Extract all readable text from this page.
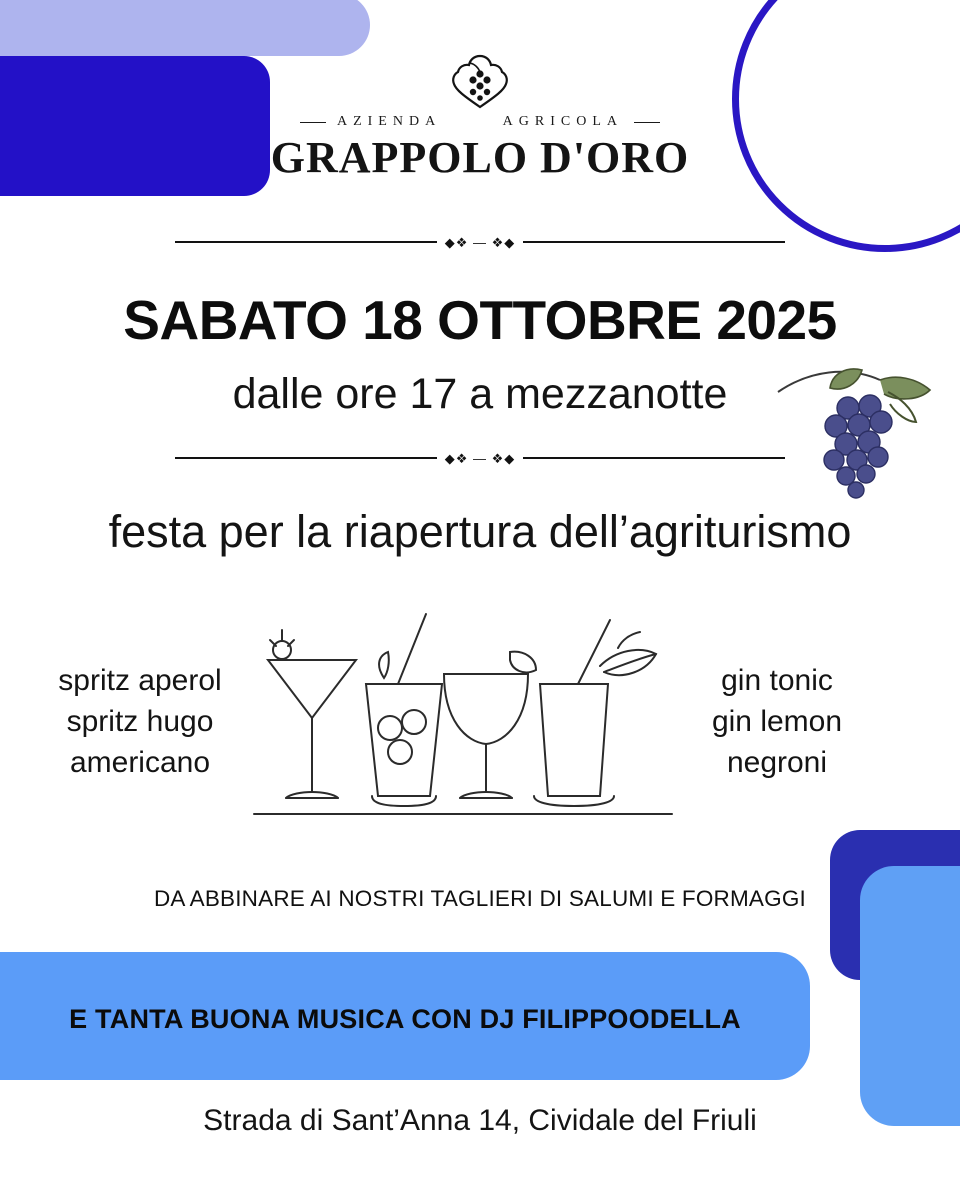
AZIENDA	AGRICOLA
GRAPPOLO D'ORO
◆❖ — ❖◆
SABATO 18 OTTOBRE 2025
dalle ore 17 a mezzanotte
◆❖ — ❖◆
festa per la riapertura dell’agriturismo
spritz aperol
spritz hugo
americano
gin tonic
gin lemon
negroni
DA ABBINARE AI NOSTRI TAGLIERI DI SALUMI E FORMAGGI
E TANTA BUONA MUSICA CON DJ FILIPPOODELLA
Strada di Sant’Anna 14, Cividale del Friuli
